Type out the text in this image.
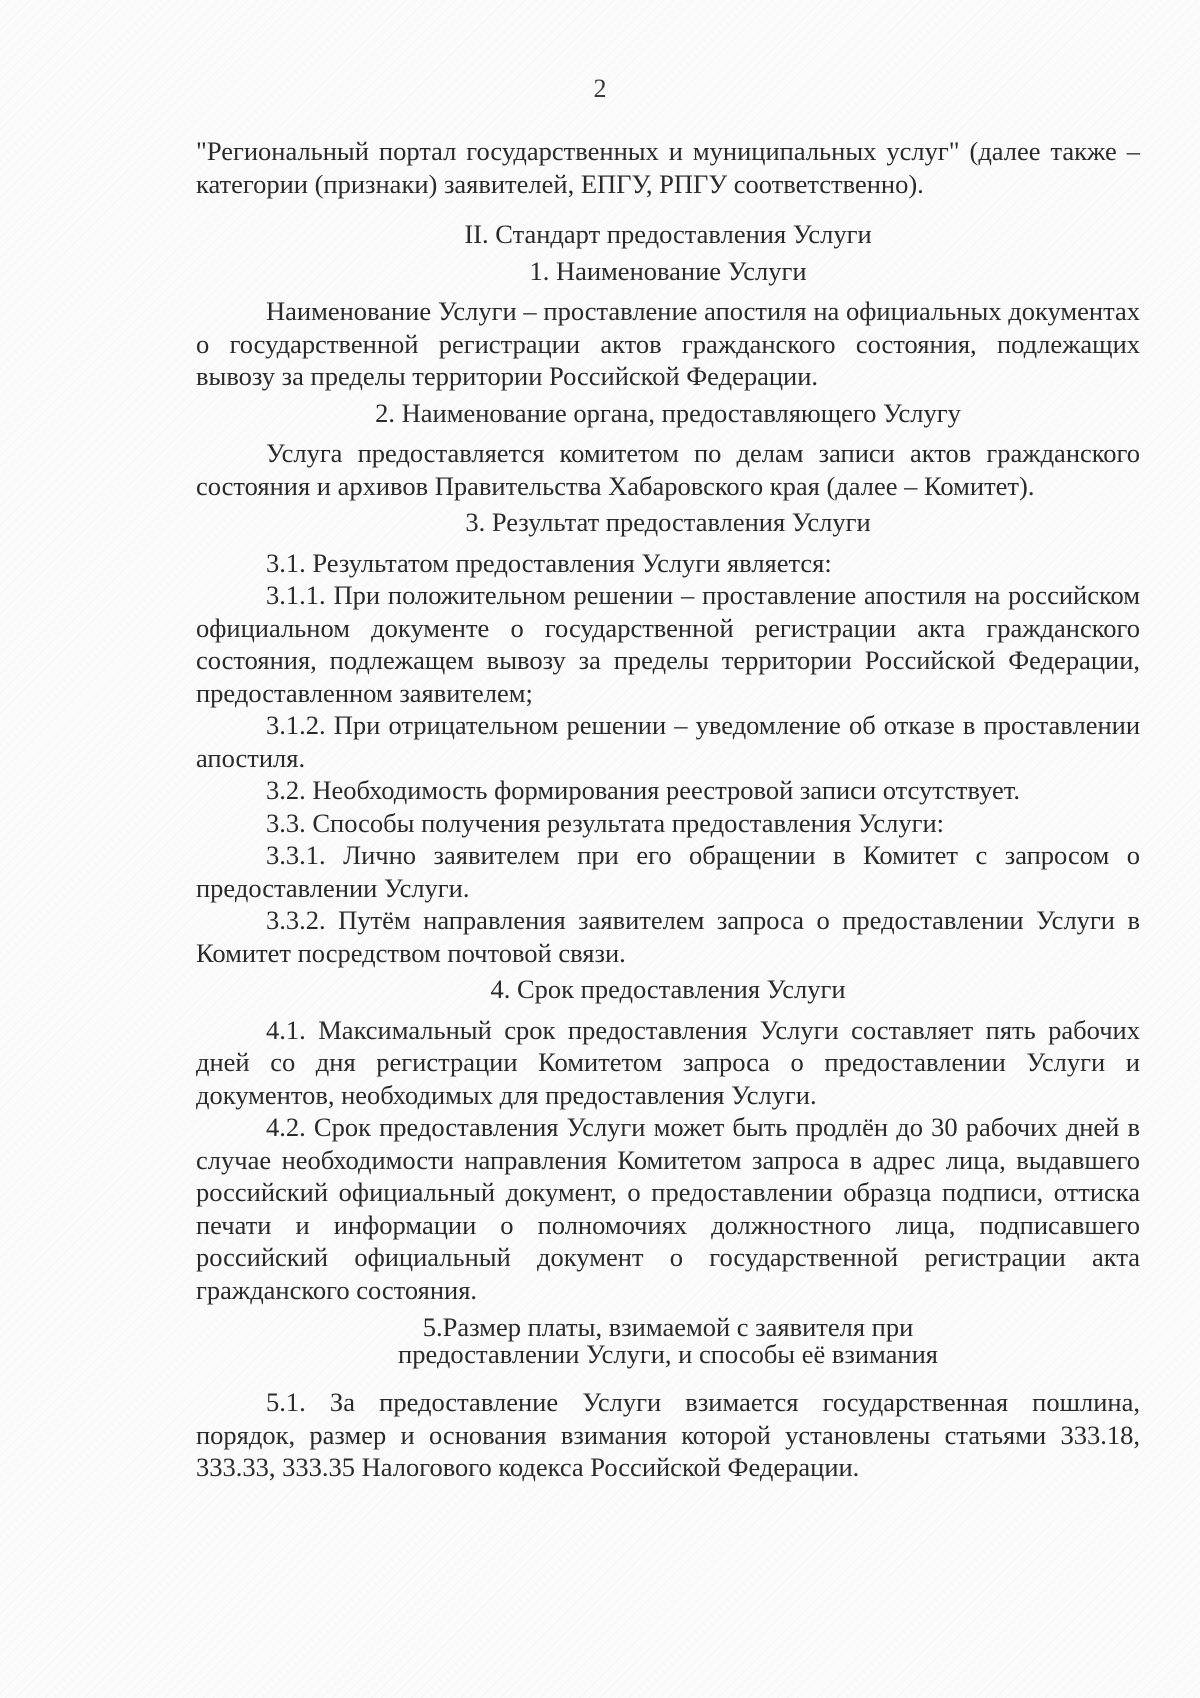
2

"Региональный портал государственных и муниципальных услуг" (далее также – категории (признаки) заявителей, ЕПГУ, РПГУ соответственно).

II. Стандарт предоставления Услуги

1. Наименование Услуги

Наименование Услуги – проставление апостиля на официальных документах о государственной регистрации актов гражданского состояния, подлежащих вывозу за пределы территории Российской Федерации.

2. Наименование органа, предоставляющего Услугу

Услуга предоставляется комитетом по делам записи актов гражданского состояния и архивов Правительства Хабаровского края (далее – Комитет).

3. Результат предоставления Услуги

3.1. Результатом предоставления Услуги является:

3.1.1. При положительном решении – проставление апостиля на российском официальном документе о государственной регистрации акта гражданского состояния, подлежащем вывозу за пределы территории Российской Федерации, предоставленном заявителем;

3.1.2. При отрицательном решении – уведомление об отказе в проставлении апостиля.

3.2. Необходимость формирования реестровой записи отсутствует.

3.3. Способы получения результата предоставления Услуги:

3.3.1. Лично заявителем при его обращении в Комитет с запросом о предоставлении Услуги.

3.3.2. Путём направления заявителем запроса о предоставлении Услуги в Комитет посредством почтовой связи.

4. Срок предоставления Услуги

4.1. Максимальный срок предоставления Услуги составляет пять рабочих дней со дня регистрации Комитетом запроса о предоставлении Услуги и документов, необходимых для предоставления Услуги.

4.2. Срок предоставления Услуги может быть продлён до 30 рабочих дней в случае необходимости направления Комитетом запроса в адрес лица, выдавшего российский официальный документ, о предоставлении образца подписи, оттиска печати и информации о полномочиях должностного лица, подписавшего российский официальный документ о государственной регистрации акта гражданского состояния.

5.Размер платы, взимаемой с заявителя при

предоставлении Услуги, и способы её взимания

5.1. За предоставление Услуги взимается государственная пошлина, порядок, размер и основания взимания которой установлены статьями 333.18, 333.33, 333.35 Налогового кодекса Российской Федерации.
